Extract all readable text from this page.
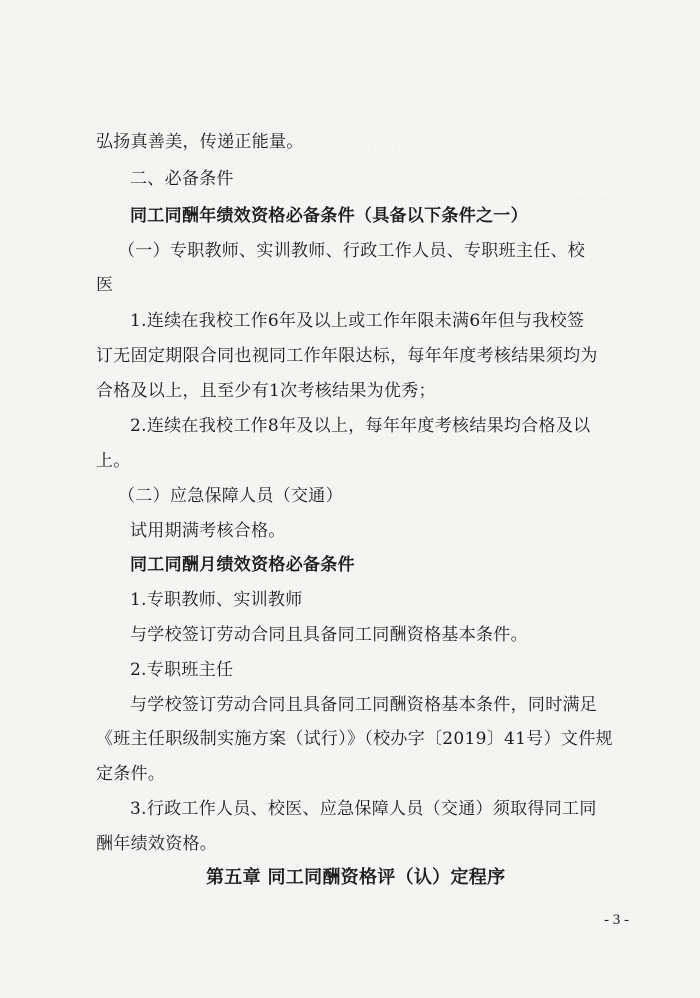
· 　 · 　 · 　 ·
· 　 ·
弘扬真善美，传递正能量。
二、必备条件
同工同酬年绩效资格必备条件（具备以下条件之一）
（一）专职教师、实训教师、行政工作人员、专职班主任、校
医
1.连续在我校工作6年及以上或工作年限未满6年但与我校签
订无固定期限合同也视同工作年限达标，每年年度考核结果须均为
合格及以上，且至少有1次考核结果为优秀；
2.连续在我校工作8年及以上，每年年度考核结果均合格及以
上。
（二）应急保障人员（交通）
试用期满考核合格。
同工同酬月绩效资格必备条件
1.专职教师、实训教师
与学校签订劳动合同且具备同工同酬资格基本条件。
2.专职班主任
与学校签订劳动合同且具备同工同酬资格基本条件，同时满足
《班主任职级制实施方案（试行）》（校办字〔2019〕41号）文件规
定条件。
3.行政工作人员、校医、应急保障人员（交通）须取得同工同
酬年绩效资格。
第五章 同工同酬资格评（认）定程序
- 3 -
